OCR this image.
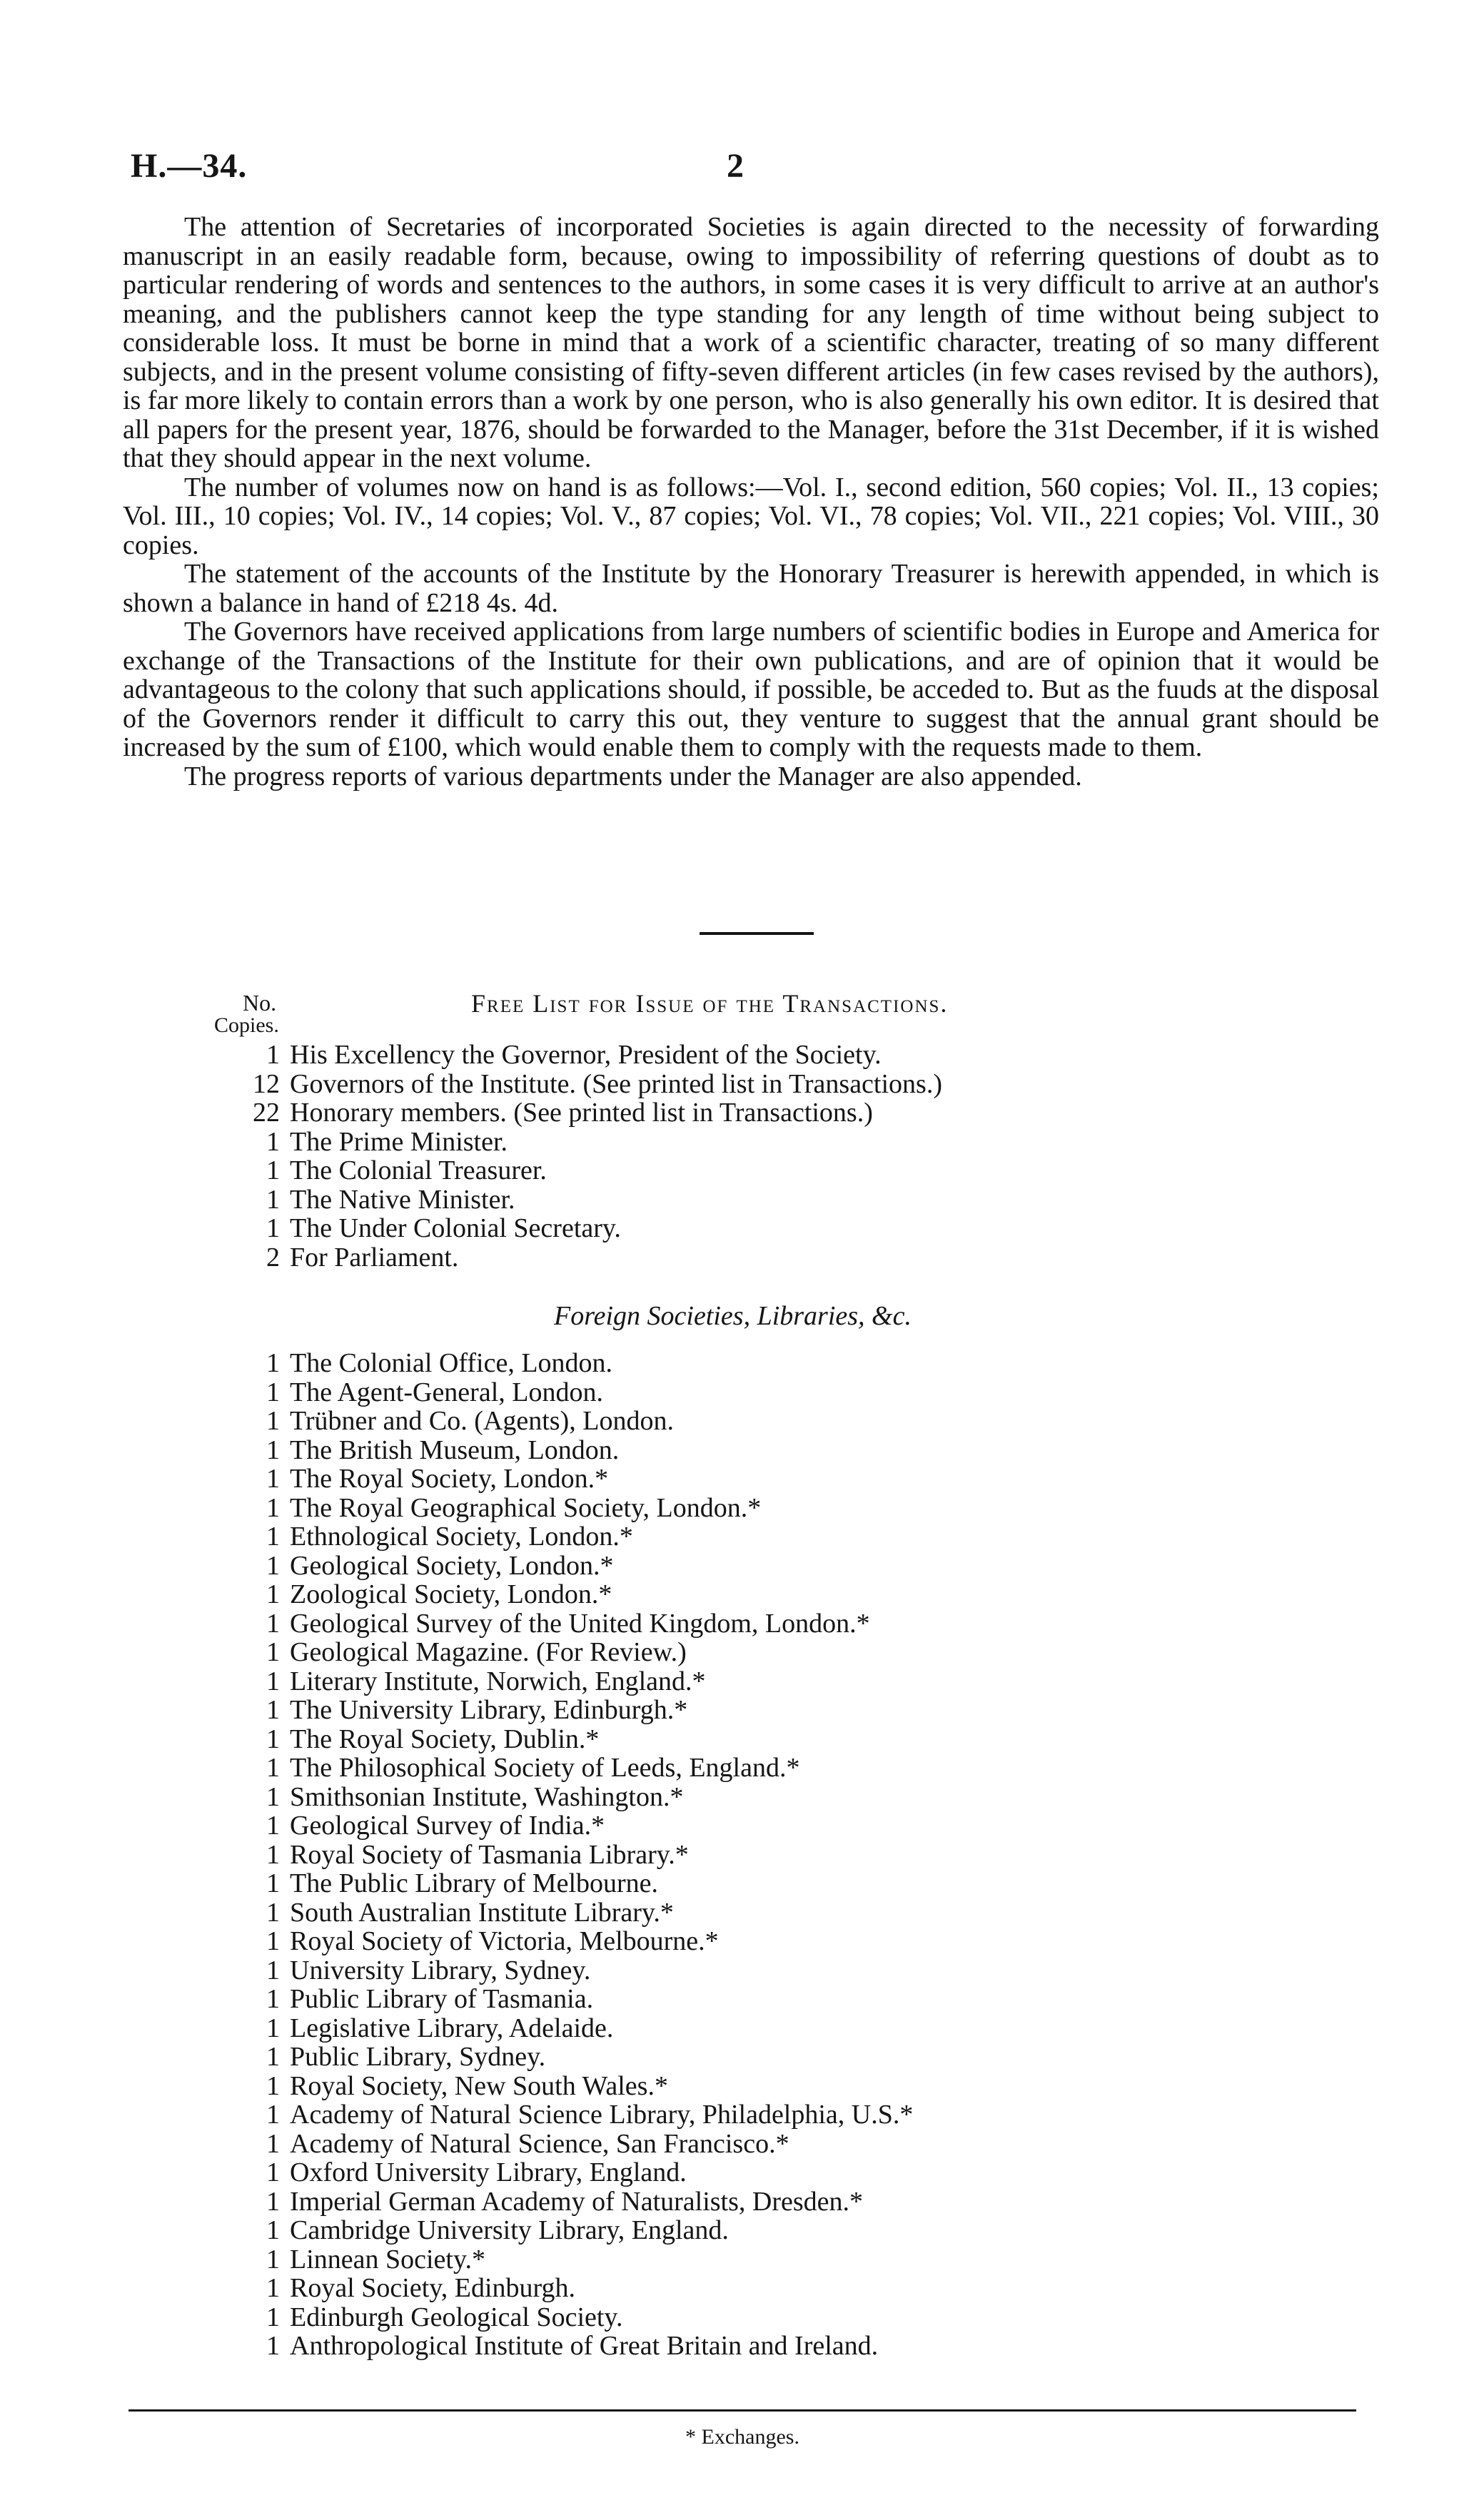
H.—34.	2

The attention of Secretaries of incorporated Societies is again directed to the necessity of forwarding manuscript in an easily readable form, because, owing to impossibility of referring questions of doubt as to particular rendering of words and sentences to the authors, in some cases it is very difficult to arrive at an author's meaning, and the publishers cannot keep the type standing for any length of time without being subject to considerable loss. It must be borne in mind that a work of a scientific character, treating of so many different subjects, and in the present volume consisting of fifty-seven different articles (in few cases revised by the authors), is far more likely to contain errors than a work by one person, who is also generally his own editor. It is desired that all papers for the present year, 1876, should be forwarded to the Manager, before the 31st December, if it is wished that they should appear in the next volume.

The number of volumes now on hand is as follows:—Vol. I., second edition, 560 copies; Vol. II., 13 copies; Vol. III., 10 copies; Vol. IV., 14 copies; Vol. V., 87 copies; Vol. VI., 78 copies; Vol. VII., 221 copies; Vol. VIII., 30 copies.

The statement of the accounts of the Institute by the Honorary Treasurer is herewith appended, in which is shown a balance in hand of £218 4s. 4d.

The Governors have received applications from large numbers of scientific bodies in Europe and America for exchange of the Transactions of the Institute for their own publications, and are of opinion that it would be advantageous to the colony that such applications should, if possible, be acceded to. But as the fuuds at the disposal of the Governors render it difficult to carry this out, they venture to suggest that the annual grant should be increased by the sum of £100, which would enable them to comply with the requests made to them.

The progress reports of various departments under the Manager are also appended.

No.	Free List for Issue of the Transactions.
Copies.
1 His Excellency the Governor, President of the Society.
12 Governors of the Institute. (See printed list in Transactions.)
22 Honorary members. (See printed list in Transactions.)
1 The Prime Minister.
1 The Colonial Treasurer.
1 The Native Minister.
1 The Under Colonial Secretary.
2 For Parliament.
Foreign Societies, Libraries, &c.
1 The Colonial Office, London.
1 The Agent-General, London.
1 Trübner and Co. (Agents), London.
1 The British Museum, London.
1 The Royal Society, London.*
1 The Royal Geographical Society, London.*
1 Ethnological Society, London.*
1 Geological Society, London.*
1 Zoological Society, London.*
1 Geological Survey of the United Kingdom, London.*
1 Geological Magazine. (For Review.)
1 Literary Institute, Norwich, England.*
1 The University Library, Edinburgh.*
1 The Royal Society, Dublin.*
1 The Philosophical Society of Leeds, England.*
1 Smithsonian Institute, Washington.*
1 Geological Survey of India.*
1 Royal Society of Tasmania Library.*
1 The Public Library of Melbourne.
1 South Australian Institute Library.*
1 Royal Society of Victoria, Melbourne.*
1 University Library, Sydney.
1 Public Library of Tasmania.
1 Legislative Library, Adelaide.
1 Public Library, Sydney.
1 Royal Society, New South Wales.*
1 Academy of Natural Science Library, Philadelphia, U.S.*
1 Academy of Natural Science, San Francisco.*
1 Oxford University Library, England.
1 Imperial German Academy of Naturalists, Dresden.*
1 Cambridge University Library, England.
1 Linnean Society.*
1 Royal Society, Edinburgh.
1 Edinburgh Geological Society.
1 Anthropological Institute of Great Britain and Ireland.
* Exchanges.
